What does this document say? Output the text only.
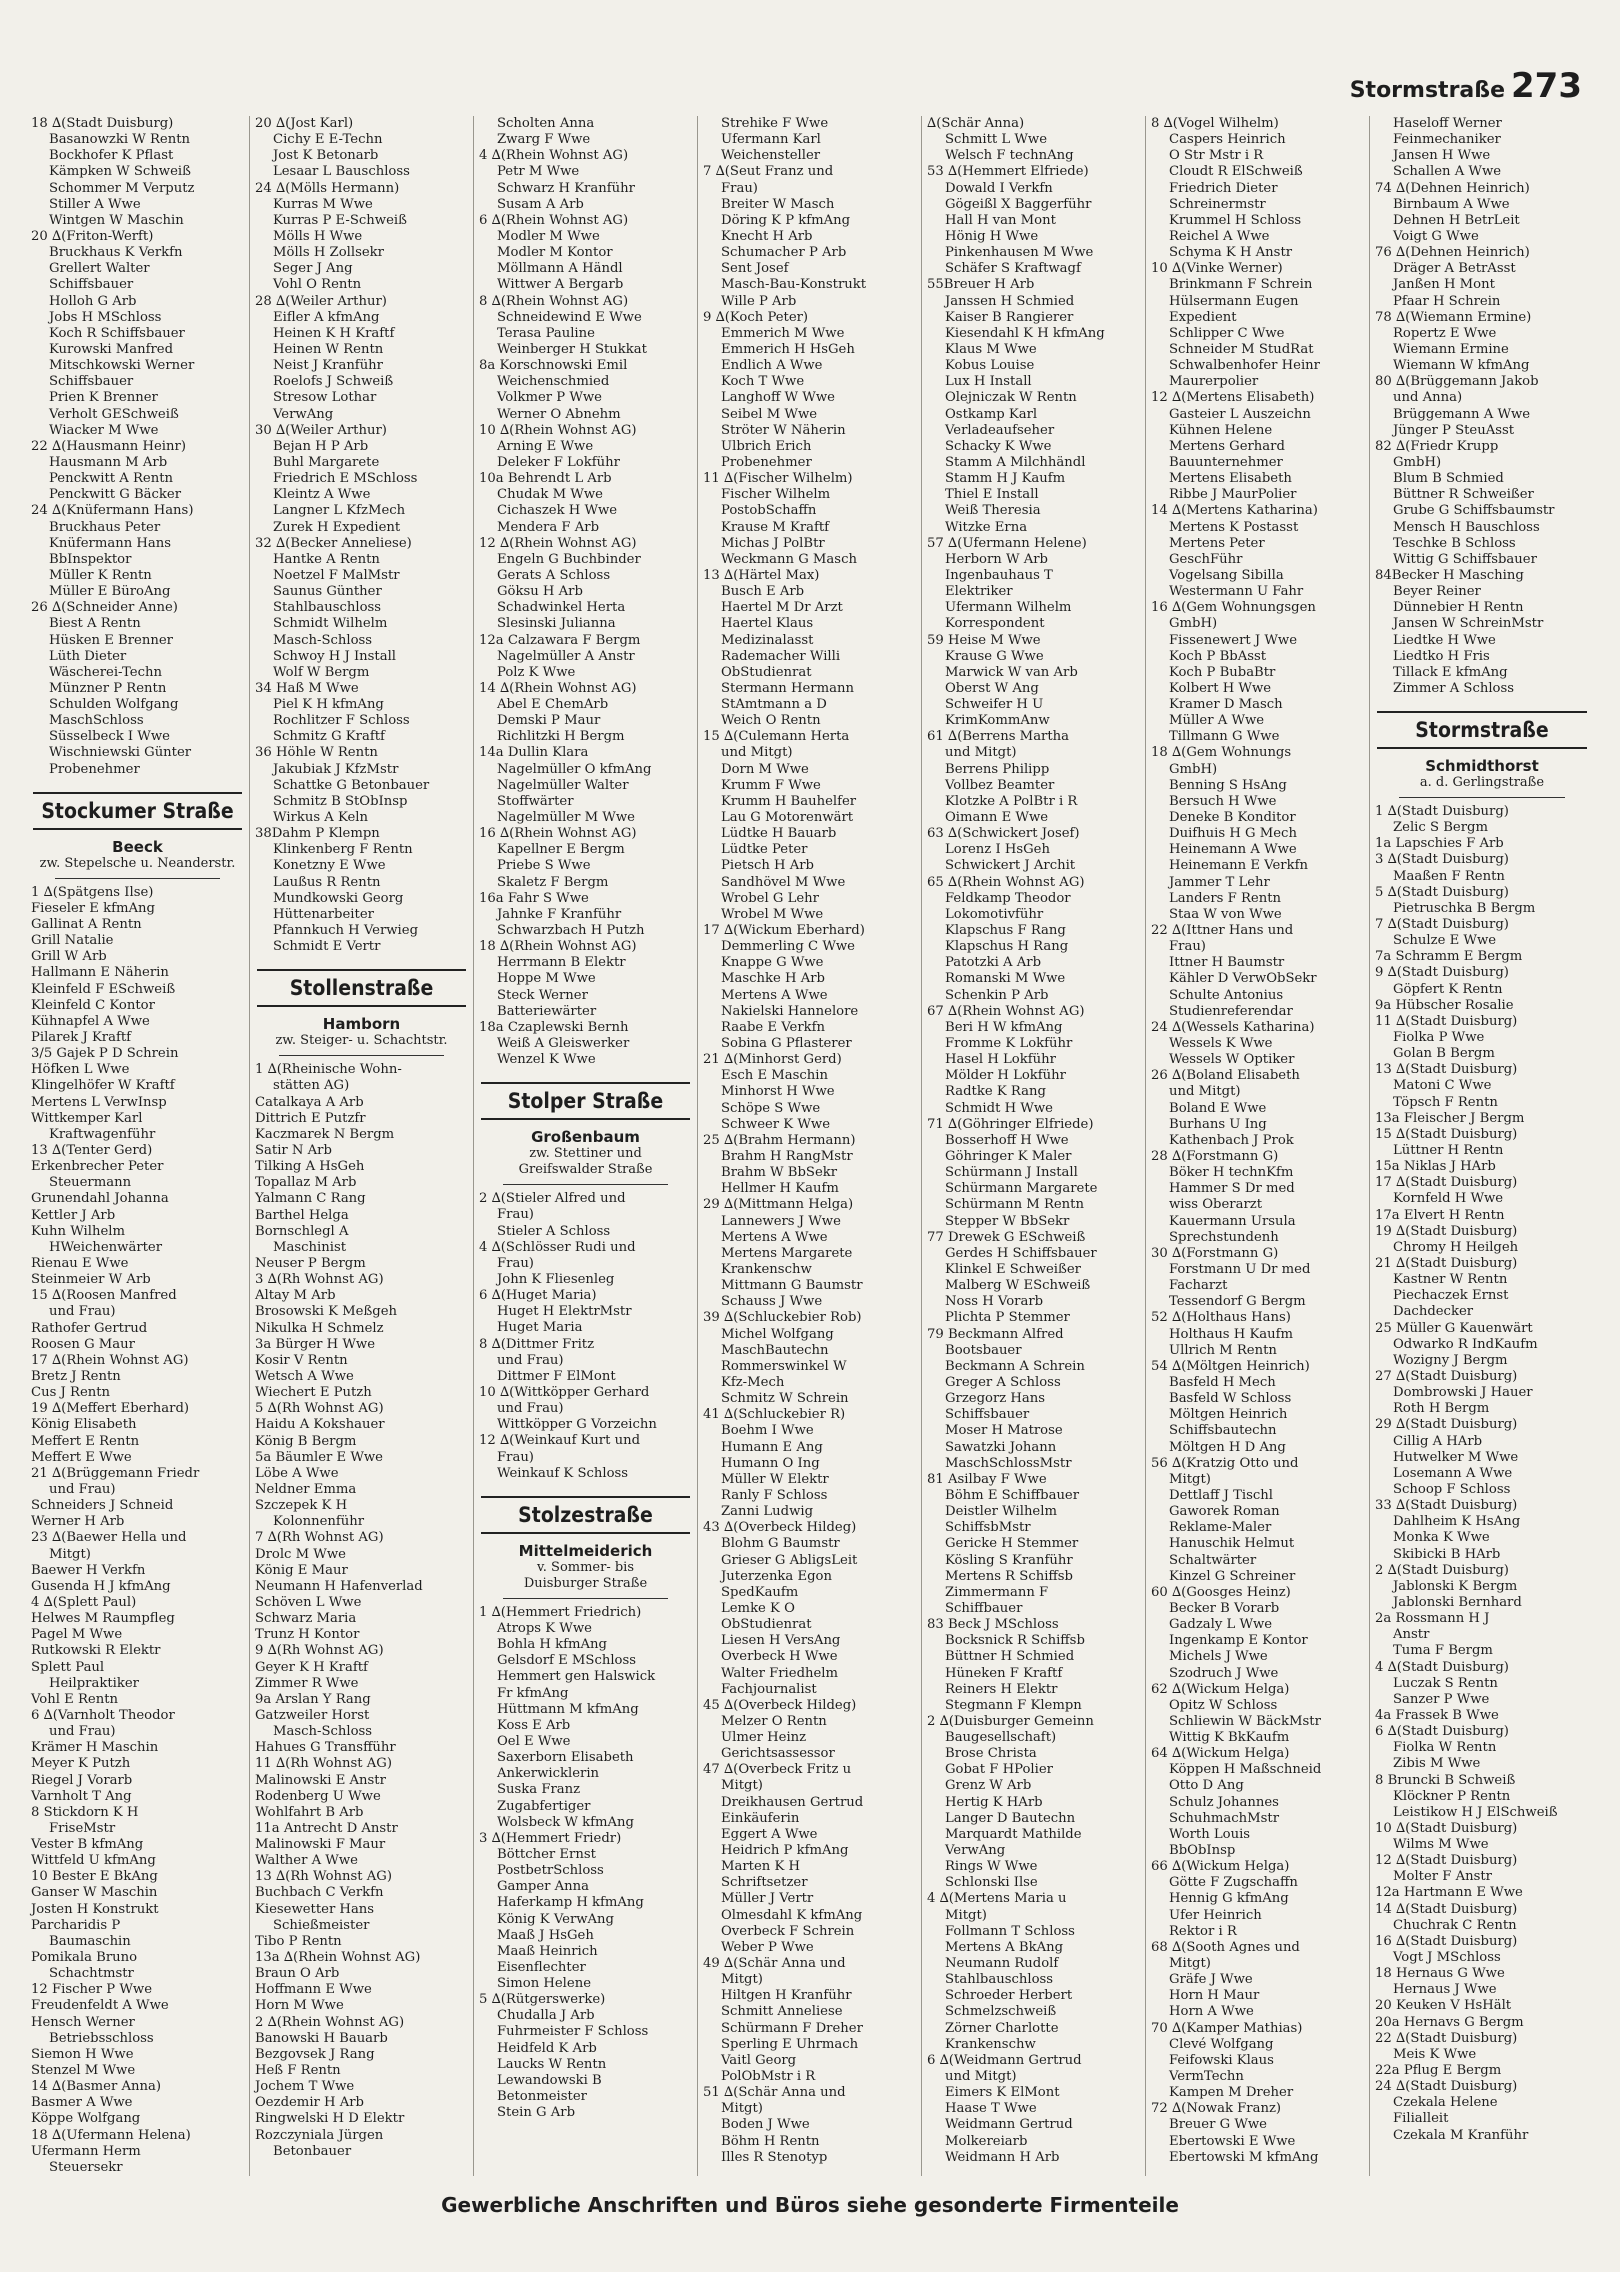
Stormstraße 273
18 ∆(Stadt Duisburg)
Basanowzki W Rentn
Bockhofer K Pflast
Kämpken W Schweiß
Schommer M Verputz
Stiller A Wwe
Wintgen W Maschin
20 ∆(Friton-Werft)
Bruckhaus K Verkfn
Grellert Walter
Schiffsbauer
Holloh G Arb
Jobs H MSchloss
Koch R Schiffsbauer
Kurowski Manfred
Mitschkowski Werner
Schiffsbauer
Prien K Brenner
Verholt GESchweiß
Wiacker M Wwe
22 ∆(Hausmann Heinr)
Hausmann M Arb
Penckwitt A Rentn
Penckwitt G Bäcker
24 ∆(Knüfermann Hans)
Bruckhaus Peter
Knüfermann Hans
BbInspektor
Müller K Rentn
Müller E BüroAng
26 ∆(Schneider Anne)
Biest A Rentn
Hüsken E Brenner
Lüth Dieter
Wäscherei-Techn
Münzner P Rentn
Schulden Wolfgang
MaschSchloss
Süsselbeck I Wwe
Wischniewski Günter
Probenehmer
Stockumer Straße
Beeck
zw. Stepelsche u. Neanderstr.
1 ∆(Spätgens Ilse)
Fieseler E kfmAng
Gallinat A Rentn
Grill Natalie
Grill W Arb
Hallmann E Näherin
Kleinfeld F ESchweiß
Kleinfeld C Kontor
Kühnapfel A Wwe
Pilarek J Kraftf
3/5 Gajek P D Schrein
Höfken L Wwe
Klingelhöfer W Kraftf
Mertens L VerwInsp
Wittkemper Karl
Kraftwagenführ
13 ∆(Tenter Gerd)
Erkenbrecher Peter
Steuermann
Grunendahl Johanna
Kettler J Arb
Kuhn Wilhelm
HWeichenwärter
Rienau E Wwe
Steinmeier W Arb
15 ∆(Roosen Manfred
und Frau)
Rathofer Gertrud
Roosen G Maur
17 ∆(Rhein Wohnst AG)
Bretz J Rentn
Cus J Rentn
19 ∆(Meffert Eberhard)
König Elisabeth
Meffert E Rentn
Meffert E Wwe
21 ∆(Brüggemann Friedr
und Frau)
Schneiders J Schneid
Werner H Arb
23 ∆(Baewer Hella und
Mitgt)
Baewer H Verkfn
Gusenda H J kfmAng
4 ∆(Splett Paul)
Helwes M Raumpfleg
Pagel M Wwe
Rutkowski R Elektr
Splett Paul
Heilpraktiker
Vohl E Rentn
6 ∆(Varnholt Theodor
und Frau)
Krämer H Maschin
Meyer K Putzh
Riegel J Vorarb
Varnholt T Ang
8 Stickdorn K H
FriseMstr
Vester B kfmAng
Wittfeld U kfmAng
10 Bester E BkAng
Ganser W Maschin
Josten H Konstrukt
Parcharidis P
Baumaschin
Pomikala Bruno
Schachtmstr
12 Fischer P Wwe
Freudenfeldt A Wwe
Hensch Werner
Betriebsschloss
Siemon H Wwe
Stenzel M Wwe
14 ∆(Basmer Anna)
Basmer A Wwe
Köppe Wolfgang
18 ∆(Ufermann Helena)
Ufermann Herm
Steuersekr
20 ∆(Jost Karl)
Cichy E E-Techn
Jost K Betonarb
Lesaar L Bauschloss
24 ∆(Mölls Hermann)
Kurras M Wwe
Kurras P E-Schweiß
Mölls H Wwe
Mölls H Zollsekr
Seger J Ang
Vohl O Rentn
28 ∆(Weiler Arthur)
Eifler A kfmAng
Heinen K H Kraftf
Heinen W Rentn
Neist J Kranführ
Roelofs J Schweiß
Stresow Lothar
VerwAng
30 ∆(Weiler Arthur)
Bejan H P Arb
Buhl Margarete
Friedrich E MSchloss
Kleintz A Wwe
Langner L KfzMech
Zurek H Expedient
32 ∆(Becker Anneliese)
Hantke A Rentn
Noetzel F MalMstr
Saunus Günther
Stahlbauschloss
Schmidt Wilhelm
Masch-Schloss
Schwoy H J Install
Wolf W Bergm
34 Haß M Wwe
Piel K H kfmAng
Rochlitzer F Schloss
Schmitz G Kraftf
36 Höhle W Rentn
Jakubiak J KfzMstr
Schattke G Betonbauer
Schmitz B StObInsp
Wirkus A Keln
38Dahm P Klempn
Klinkenberg F Rentn
Konetzny E Wwe
Laußus R Rentn
Mundkowski Georg
Hüttenarbeiter
Pfannkuch H Verwieg
Schmidt E Vertr
Stollenstraße
Hamborn
zw. Steiger- u. Schachtstr.
1 ∆(Rheinische Wohn-
stätten AG)
Catalkaya A Arb
Dittrich E Putzfr
Kaczmarek N Bergm
Satir N Arb
Tilking A HsGeh
Topallaz M Arb
Yalmann C Rang
Barthel Helga
Bornschlegl A
Maschinist
Neuser P Bergm
3 ∆(Rh Wohnst AG)
Altay M Arb
Brosowski K Meßgeh
Nikulka H Schmelz
3a Bürger H Wwe
Kosir V Rentn
Wetsch A Wwe
Wiechert E Putzh
5 ∆(Rh Wohnst AG)
Haidu A Kokshauer
König B Bergm
5a Bäumler E Wwe
Löbe A Wwe
Neldner Emma
Szczepek K H
Kolonnenführ
7 ∆(Rh Wohnst AG)
Drolc M Wwe
König E Maur
Neumann H Hafenverlad
Schöven L Wwe
Schwarz Maria
Trunz H Kontor
9 ∆(Rh Wohnst AG)
Geyer K H Kraftf
Zimmer R Wwe
9a Arslan Y Rang
Gatzweiler Horst
Masch-Schloss
Hahues G Transfführ
11 ∆(Rh Wohnst AG)
Malinowski E Anstr
Rodenberg U Wwe
Wohlfahrt B Arb
11a Antrecht D Anstr
Malinowski F Maur
Walther A Wwe
13 ∆(Rh Wohnst AG)
Buchbach C Verkfn
Kiesewetter Hans
Schießmeister
Tibo P Rentn
13a ∆(Rhein Wohnst AG)
Braun O Arb
Hoffmann E Wwe
Horn M Wwe
2 ∆(Rhein Wohnst AG)
Banowski H Bauarb
Bezgovsek J Rang
Heß F Rentn
Jochem T Wwe
Oezdemir H Arb
Ringwelski H D Elektr
Rozczyniala Jürgen
Betonbauer
Scholten Anna
Zwarg F Wwe
4 ∆(Rhein Wohnst AG)
Petr M Wwe
Schwarz H Kranführ
Susam A Arb
6 ∆(Rhein Wohnst AG)
Modler M Wwe
Modler M Kontor
Möllmann A Händl
Wittwer A Bergarb
8 ∆(Rhein Wohnst AG)
Schneidewind E Wwe
Terasa Pauline
Weinberger H Stukkat
8a Korschnowski Emil
Weichenschmied
Volkmer P Wwe
Werner O Abnehm
10 ∆(Rhein Wohnst AG)
Arning E Wwe
Deleker F Lokführ
10a Behrendt L Arb
Chudak M Wwe
Cichaszek H Wwe
Mendera F Arb
12 ∆(Rhein Wohnst AG)
Engeln G Buchbinder
Gerats A Schloss
Göksu H Arb
Schadwinkel Herta
Slesinski Julianna
12a Calzawara F Bergm
Nagelmüller A Anstr
Polz K Wwe
14 ∆(Rhein Wohnst AG)
Abel E ChemArb
Demski P Maur
Richlitzki H Bergm
14a Dullin Klara
Nagelmüller O kfmAng
Nagelmüller Walter
Stoffwärter
Nagelmüller M Wwe
16 ∆(Rhein Wohnst AG)
Kapellner E Bergm
Priebe S Wwe
Skaletz F Bergm
16a Fahr S Wwe
Jahnke F Kranführ
Schwarzbach H Putzh
18 ∆(Rhein Wohnst AG)
Herrmann B Elektr
Hoppe M Wwe
Steck Werner
Batteriewärter
18a Czaplewski Bernh
Weiß A Gleiswerker
Wenzel K Wwe
Stolper Straße
Großenbaum
zw. Stettiner und
Greifswalder Straße
2 ∆(Stieler Alfred und
Frau)
Stieler A Schloss
4 ∆(Schlösser Rudi und
Frau)
John K Fliesenleg
6 ∆(Huget Maria)
Huget H ElektrMstr
Huget Maria
8 ∆(Dittmer Fritz
und Frau)
Dittmer F ElMont
10 ∆(Wittköpper Gerhard
und Frau)
Wittköpper G Vorzeichn
12 ∆(Weinkauf Kurt und
Frau)
Weinkauf K Schloss
Stolzestraße
Mittelmeiderich
v. Sommer- bis
Duisburger Straße
1 ∆(Hemmert Friedrich)
Atrops K Wwe
Bohla H kfmAng
Gelsdorf E MSchloss
Hemmert gen Halswick
Fr kfmAng
Hüttmann M kfmAng
Koss E Arb
Oel E Wwe
Saxerborn Elisabeth
Ankerwicklerin
Suska Franz
Zugabfertiger
Wolsbeck W kfmAng
3 ∆(Hemmert Friedr)
Böttcher Ernst
PostbetrSchloss
Gamper Anna
Haferkamp H kfmAng
König K VerwAng
Maaß J HsGeh
Maaß Heinrich
Eisenflechter
Simon Helene
5 ∆(Rütgerswerke)
Chudalla J Arb
Fuhrmeister F Schloss
Heidfeld K Arb
Laucks W Rentn
Lewandowski B
Betonmeister
Stein G Arb
Strehike F Wwe
Ufermann Karl
Weichensteller
7 ∆(Seut Franz und
Frau)
Breiter W Masch
Döring K P kfmAng
Knecht H Arb
Schumacher P Arb
Sent Josef
Masch-Bau-Konstrukt
Wille P Arb
9 ∆(Koch Peter)
Emmerich M Wwe
Emmerich H HsGeh
Endlich A Wwe
Koch T Wwe
Langhoff W Wwe
Seibel M Wwe
Ströter W Näherin
Ulbrich Erich
Probenehmer
11 ∆(Fischer Wilhelm)
Fischer Wilhelm
PostobSchaffn
Krause M Kraftf
Michas J PolBtr
Weckmann G Masch
13 ∆(Härtel Max)
Busch E Arb
Haertel M Dr Arzt
Haertel Klaus
Medizinalasst
Rademacher Willi
ObStudienrat
Stermann Hermann
StAmtmann a D
Weich O Rentn
15 ∆(Culemann Herta
und Mitgt)
Dorn M Wwe
Krumm F Wwe
Krumm H Bauhelfer
Lau G Motorenwärt
Lüdtke H Bauarb
Lüdtke Peter
Pietsch H Arb
Sandhövel M Wwe
Wrobel G Lehr
Wrobel M Wwe
17 ∆(Wickum Eberhard)
Demmerling C Wwe
Knappe G Wwe
Maschke H Arb
Mertens A Wwe
Nakielski Hannelore
Raabe E Verkfn
Sobina G Pflasterer
21 ∆(Minhorst Gerd)
Esch E Maschin
Minhorst H Wwe
Schöpe S Wwe
Schweer K Wwe
25 ∆(Brahm Hermann)
Brahm H RangMstr
Brahm W BbSekr
Hellmer H Kaufm
29 ∆(Mittmann Helga)
Lannewers J Wwe
Mertens A Wwe
Mertens Margarete
Krankenschw
Mittmann G Baumstr
Schauss J Wwe
39 ∆(Schluckebier Rob)
Michel Wolfgang
MaschBautechn
Rommerswinkel W
Kfz-Mech
Schmitz W Schrein
41 ∆(Schluckebier R)
Boehm I Wwe
Humann E Ang
Humann O Ing
Müller W Elektr
Ranly F Schloss
Zanni Ludwig
43 ∆(Overbeck Hildeg)
Blohm G Baumstr
Grieser G AbligsLeit
Juterzenka Egon
SpedKaufm
Lemke K O
ObStudienrat
Liesen H VersAng
Overbeck H Wwe
Walter Friedhelm
Fachjournalist
45 ∆(Overbeck Hildeg)
Melzer O Rentn
Ulmer Heinz
Gerichtsassessor
47 ∆(Overbeck Fritz u
Mitgt)
Dreikhausen Gertrud
Einkäuferin
Eggert A Wwe
Heidrich P kfmAng
Marten K H
Schriftsetzer
Müller J Vertr
Olmesdahl K kfmAng
Overbeck F Schrein
Weber P Wwe
49 ∆(Schär Anna und
Mitgt)
Hiltgen H Kranführ
Schmitt Anneliese
Schürmann F Dreher
Sperling E Uhrmach
Vaitl Georg
PolObMstr i R
51 ∆(Schär Anna und
Mitgt)
Boden J Wwe
Böhm H Rentn
Illes R Stenotyp
∆(Schär Anna)
Schmitt L Wwe
Welsch F technAng
53 ∆(Hemmert Elfriede)
Dowald I Verkfn
Gögeißl X Baggerführ
Hall H van Mont
Hönig H Wwe
Pinkenhausen M Wwe
Schäfer S Kraftwagf
55Breuer H Arb
Janssen H Schmied
Kaiser B Rangierer
Kiesendahl K H kfmAng
Klaus M Wwe
Kobus Louise
Lux H Install
Olejniczak W Rentn
Ostkamp Karl
Verladeaufseher
Schacky K Wwe
Stamm A Milchhändl
Stamm H J Kaufm
Thiel E Install
Weiß Theresia
Witzke Erna
57 ∆(Ufermann Helene)
Herborn W Arb
Ingenbauhaus T
Elektriker
Ufermann Wilhelm
Korrespondent
59 Heise M Wwe
Krause G Wwe
Marwick W van Arb
Oberst W Ang
Schweifer H U
KrimKommAnw
61 ∆(Berrens Martha
und Mitgt)
Berrens Philipp
Vollbez Beamter
Klotzke A PolBtr i R
Oimann E Wwe
63 ∆(Schwickert Josef)
Lorenz I HsGeh
Schwickert J Archit
65 ∆(Rhein Wohnst AG)
Feldkamp Theodor
Lokomotivführ
Klapschus F Rang
Klapschus H Rang
Patotzki A Arb
Romanski M Wwe
Schenkin P Arb
67 ∆(Rhein Wohnst AG)
Beri H W kfmAng
Fromme K Lokführ
Hasel H Lokführ
Mölder H Lokführ
Radtke K Rang
Schmidt H Wwe
71 ∆(Göhringer Elfriede)
Bosserhoff H Wwe
Göhringer K Maler
Schürmann J Install
Schürmann Margarete
Schürmann M Rentn
Stepper W BbSekr
77 Drewek G ESchweiß
Gerdes H Schiffsbauer
Klinkel E Schweißer
Malberg W ESchweiß
Noss H Vorarb
Plichta P Stemmer
79 Beckmann Alfred
Bootsbauer
Beckmann A Schrein
Greger A Schloss
Grzegorz Hans
Schiffsbauer
Moser H Matrose
Sawatzki Johann
MaschSchlossMstr
81 Asilbay F Wwe
Böhm E Schiffbauer
Deistler Wilhelm
SchiffsbMstr
Gericke H Stemmer
Kösling S Kranführ
Mertens R Schiffsb
Zimmermann F
Schiffbauer
83 Beck J MSchloss
Bocksnick R Schiffsb
Büttner H Schmied
Hüneken F Kraftf
Reiners H Elektr
Stegmann F Klempn
2 ∆(Duisburger Gemeinn
Baugesellschaft)
Brose Christa
Gobat F HPolier
Grenz W Arb
Hertig K HArb
Langer D Bautechn
Marquardt Mathilde
VerwAng
Rings W Wwe
Schlonski Ilse
4 ∆(Mertens Maria u
Mitgt)
Follmann T Schloss
Mertens A BkAng
Neumann Rudolf
Stahlbauschloss
Schroeder Herbert
Schmelzschweiß
Zörner Charlotte
Krankenschw
6 ∆(Weidmann Gertrud
und Mitgt)
Eimers K ElMont
Haase T Wwe
Weidmann Gertrud
Molkereiarb
Weidmann H Arb
8 ∆(Vogel Wilhelm)
Caspers Heinrich
O Str Mstr i R
Cloudt R ElSchweiß
Friedrich Dieter
Schreinermstr
Krummel H Schloss
Reichel A Wwe
Schyma K H Anstr
10 ∆(Vinke Werner)
Brinkmann F Schrein
Hülsermann Eugen
Expedient
Schlipper C Wwe
Schneider M StudRat
Schwalbenhofer Heinr
Maurerpolier
12 ∆(Mertens Elisabeth)
Gasteier L Auszeichn
Kühnen Helene
Mertens Gerhard
Bauunternehmer
Mertens Elisabeth
Ribbe J MaurPolier
14 ∆(Mertens Katharina)
Mertens K Postasst
Mertens Peter
GeschFühr
Vogelsang Sibilla
Westermann U Fahr
16 ∆(Gem Wohnungsgen
GmbH)
Fissenewert J Wwe
Koch P BbAsst
Koch P BubaBtr
Kolbert H Wwe
Kramer D Masch
Müller A Wwe
Tillmann G Wwe
18 ∆(Gem Wohnungs
GmbH)
Benning S HsAng
Bersuch H Wwe
Deneke B Konditor
Duifhuis H G Mech
Heinemann A Wwe
Heinemann E Verkfn
Jammer T Lehr
Landers F Rentn
Staa W von Wwe
22 ∆(Ittner Hans und
Frau)
Ittner H Baumstr
Kähler D VerwObSekr
Schulte Antonius
Studienreferendar
24 ∆(Wessels Katharina)
Wessels K Wwe
Wessels W Optiker
26 ∆(Boland Elisabeth
und Mitgt)
Boland E Wwe
Burhans U Ing
Kathenbach J Prok
28 ∆(Forstmann G)
Böker H technKfm
Hammer S Dr med
wiss Oberarzt
Kauermann Ursula
Sprechstundenh
30 ∆(Forstmann G)
Forstmann U Dr med
Facharzt
Tessendorf G Bergm
52 ∆(Holthaus Hans)
Holthaus H Kaufm
Ullrich M Rentn
54 ∆(Möltgen Heinrich)
Basfeld H Mech
Basfeld W Schloss
Möltgen Heinrich
Schiffsbautechn
Möltgen H D Ang
56 ∆(Kratzig Otto und
Mitgt)
Dettlaff J Tischl
Gaworek Roman
Reklame-Maler
Hanuschik Helmut
Schaltwärter
Kinzel G Schreiner
60 ∆(Goosges Heinz)
Becker B Vorarb
Gadzaly L Wwe
Ingenkamp E Kontor
Michels J Wwe
Szodruch J Wwe
62 ∆(Wickum Helga)
Opitz W Schloss
Schliewin W BäckMstr
Wittig K BkKaufm
64 ∆(Wickum Helga)
Köppen H Maßschneid
Otto D Ang
Schulz Johannes
SchuhmachMstr
Worth Louis
BbObInsp
66 ∆(Wickum Helga)
Götte F Zugschaffn
Hennig G kfmAng
Ufer Heinrich
Rektor i R
68 ∆(Sooth Agnes und
Mitgt)
Gräfe J Wwe
Horn H Maur
Horn A Wwe
70 ∆(Kamper Mathias)
Clevé Wolfgang
Feifowski Klaus
VermTechn
Kampen M Dreher
72 ∆(Nowak Franz)
Breuer G Wwe
Ebertowski E Wwe
Ebertowski M kfmAng
Haseloff Werner
Feinmechaniker
Jansen H Wwe
Schallen A Wwe
74 ∆(Dehnen Heinrich)
Birnbaum A Wwe
Dehnen H BetrLeit
Voigt G Wwe
76 ∆(Dehnen Heinrich)
Dräger A BetrAsst
Janßen H Mont
Pfaar H Schrein
78 ∆(Wiemann Ermine)
Ropertz E Wwe
Wiemann Ermine
Wiemann W kfmAng
80 ∆(Brüggemann Jakob
und Anna)
Brüggemann A Wwe
Jünger P SteuAsst
82 ∆(Friedr Krupp
GmbH)
Blum B Schmied
Büttner R Schweißer
Grube G Schiffsbaumstr
Mensch H Bauschloss
Teschke B Schloss
Wittig G Schiffsbauer
84Becker H Masching
Beyer Reiner
Dünnebier H Rentn
Jansen W SchreinMstr
Liedtke H Wwe
Liedtko H Fris
Tillack E kfmAng
Zimmer A Schloss
Stormstraße
Schmidthorst
a. d. Gerlingstraße
1 ∆(Stadt Duisburg)
Zelic S Bergm
1a Lapschies F Arb
3 ∆(Stadt Duisburg)
Maaßen F Rentn
5 ∆(Stadt Duisburg)
Pietruschka B Bergm
7 ∆(Stadt Duisburg)
Schulze E Wwe
7a Schramm E Bergm
9 ∆(Stadt Duisburg)
Göpfert K Rentn
9a Hübscher Rosalie
11 ∆(Stadt Duisburg)
Fiolka P Wwe
Golan B Bergm
13 ∆(Stadt Duisburg)
Matoni C Wwe
Töpsch F Rentn
13a Fleischer J Bergm
15 ∆(Stadt Duisburg)
Lüttner H Rentn
15a Niklas J HArb
17 ∆(Stadt Duisburg)
Kornfeld H Wwe
17a Elvert H Rentn
19 ∆(Stadt Duisburg)
Chromy H Heilgeh
21 ∆(Stadt Duisburg)
Kastner W Rentn
Piechaczek Ernst
Dachdecker
25 Müller G Kauenwärt
Odwarko R IndKaufm
Wozigny J Bergm
27 ∆(Stadt Duisburg)
Dombrowski J Hauer
Roth H Bergm
29 ∆(Stadt Duisburg)
Cillig A HArb
Hutwelker M Wwe
Losemann A Wwe
Schoop F Schloss
33 ∆(Stadt Duisburg)
Dahlheim K HsAng
Monka K Wwe
Skibicki B HArb
2 ∆(Stadt Duisburg)
Jablonski K Bergm
Jablonski Bernhard
2a Rossmann H J
Anstr
Tuma F Bergm
4 ∆(Stadt Duisburg)
Luczak S Rentn
Sanzer P Wwe
4a Frassek B Wwe
6 ∆(Stadt Duisburg)
Fiolka W Rentn
Zibis M Wwe
8 Bruncki B Schweiß
Klöckner P Rentn
Leistikow H J ElSchweiß
10 ∆(Stadt Duisburg)
Wilms M Wwe
12 ∆(Stadt Duisburg)
Molter F Anstr
12a Hartmann E Wwe
14 ∆(Stadt Duisburg)
Chuchrak C Rentn
16 ∆(Stadt Duisburg)
Vogt J MSchloss
18 Hernaus G Wwe
Hernaus J Wwe
20 Keuken V HsHält
20a Hernavs G Bergm
22 ∆(Stadt Duisburg)
Meis K Wwe
22a Pflug E Bergm
24 ∆(Stadt Duisburg)
Czekala Helene
Filialleit
Czekala M Kranführ
Gewerbliche Anschriften und Büros siehe gesonderte Firmenteile
